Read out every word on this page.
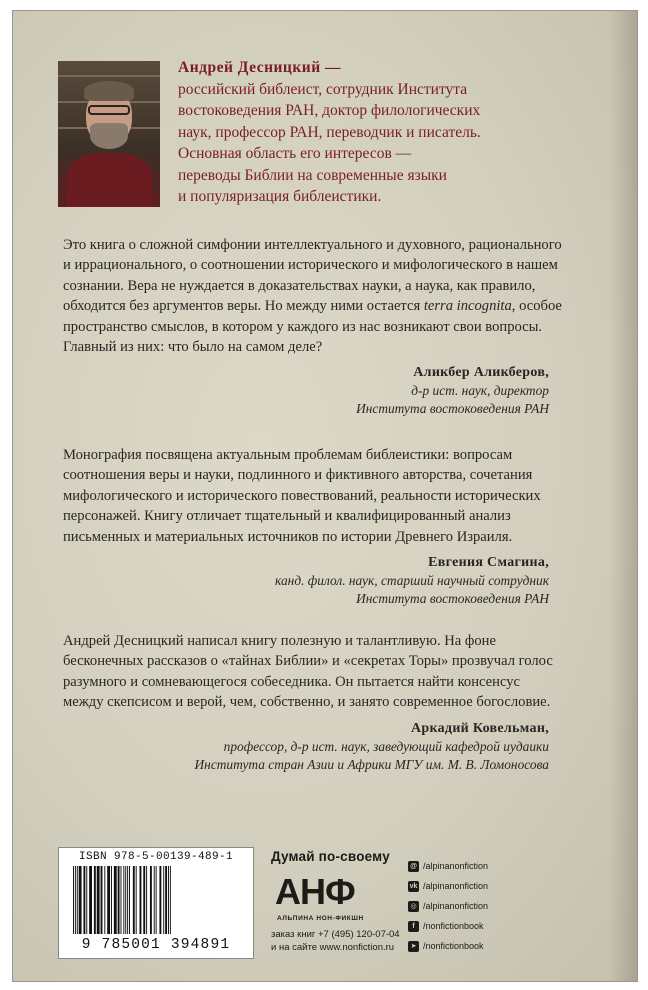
Андрей Десницкий —
российский библеист, сотрудник Института
востоковедения РАН, доктор филологических
наук, профессор РАН, переводчик и писатель.
Основная область его интересов —
переводы Библии на современные языки
и популяризация библеистики.

Это книга о сложной симфонии интеллектуального и духовного, рационального и иррационального, о соотношении исторического и мифологического в нашем сознании. Вера не нуждается в доказательствах науки, а наука, как правило, обходится без аргументов веры. Но между ними остается terra incognita, особое пространство смыслов, в котором у каждого из нас возникают свои вопросы. Главный из них: что было на самом деле?

Аликбер Аликберов,
д-р ист. наук, директор
Института востоковедения РАН

Монография посвящена актуальным проблемам библеистики: вопросам соотношения веры и науки, подлинного и фиктивного авторства, сочетания мифологического и исторического повествований, реальности исторических персонажей. Книгу отличает тщательный и квалифицированный анализ письменных и материальных источников по истории Древнего Израиля.

Евгения Смагина,
канд. филол. наук, старший научный сотрудник
Института востоковедения РАН

Андрей Десницкий написал книгу полезную и талантливую. На фоне бесконечных рассказов о «тайнах Библии» и «секретах Торы» прозвучал голос разумного и сомневающегося собеседника. Он пытается найти консенсус между скепсисом и верой, чем, собственно, и занято современное богословие.

Аркадий Ковельман,
профессор, д-р ист. наук, заведующий кафедрой иудаики
Института стран Азии и Африки МГУ им. М. В. Ломоносова
ISBN 978-5-00139-489-1
9 785001 394891
Думай по-своему
АНФ
АЛЬПИНА НОН-ФИКШН
заказ книг +7 (495) 120-07-04
и на сайте www.nonfiction.ru
@ /alpinanonfiction
vk /alpinanonfiction
◎ /alpinanonfiction
f /nonfictionbook
➤ /nonfictionbook
